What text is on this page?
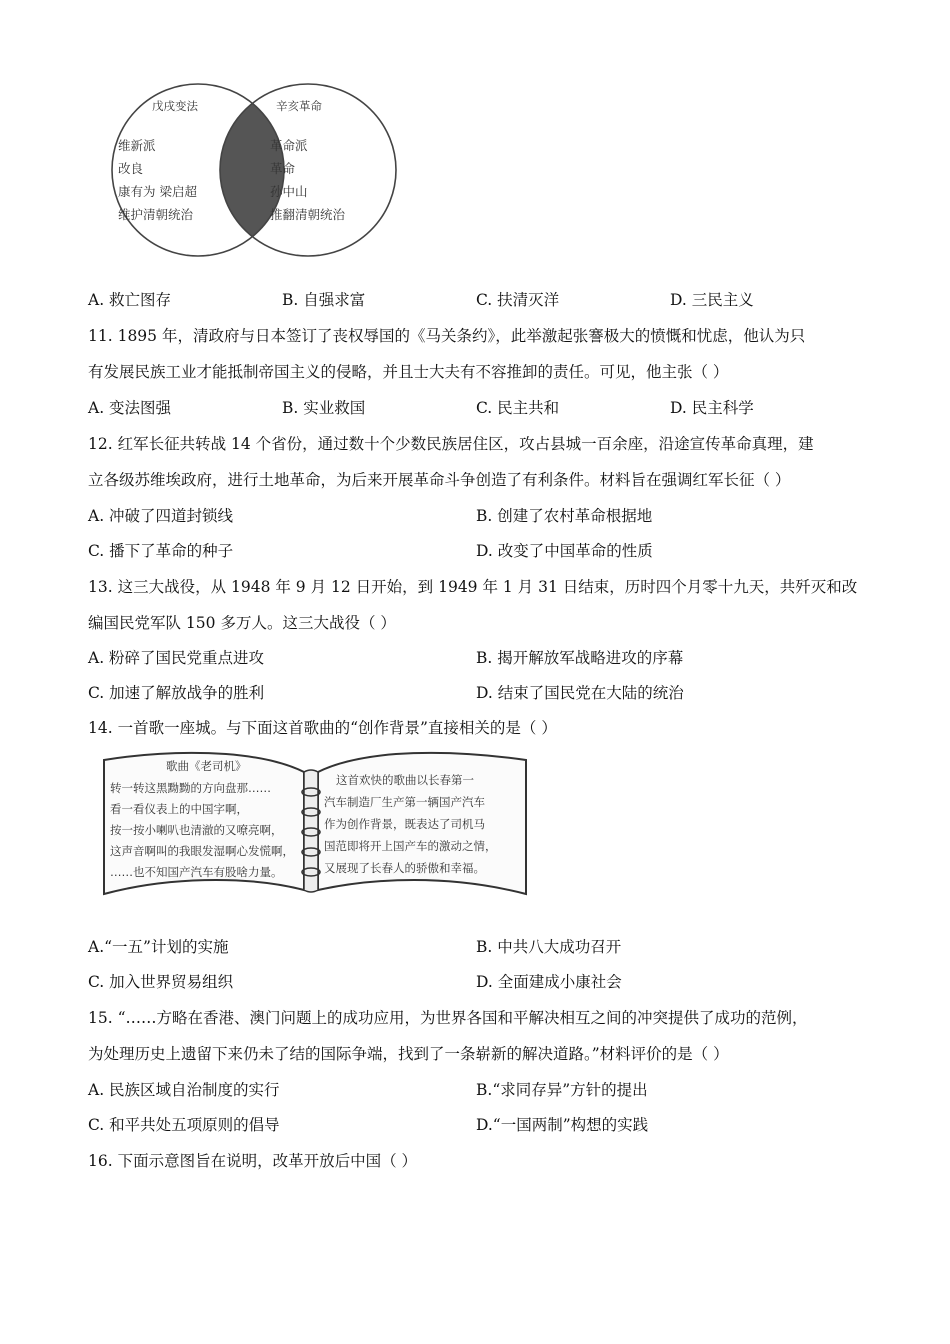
戊戌变法	辛亥革命
维新派
改良
康有为 梁启超
维护清朝统治
革命派
革命
孙中山
推翻清朝统治
A. 救亡图存	B. 自强求富	C. 扶清灭洋	D. 三民主义
11. 1895 年，清政府与日本签订了丧权辱国的《马关条约》，此举激起张謇极大的愤慨和忧虑，他认为只
有发展民族工业才能抵制帝国主义的侵略，并且士大夫有不容推卸的责任。可见，他主张（ ）
A. 变法图强	B. 实业救国	C. 民主共和	D. 民主科学
12. 红军长征共转战 14 个省份，通过数十个少数民族居住区，攻占县城一百余座，沿途宣传革命真理，建
立各级苏维埃政府，进行土地革命，为后来开展革命斗争创造了有利条件。材料旨在强调红军长征（ ）
A. 冲破了四道封锁线	B. 创建了农村革命根据地
C. 播下了革命的种子	D. 改变了中国革命的性质
13. 这三大战役，从 1948 年 9 月 12 日开始，到 1949 年 1 月 31 日结束，历时四个月零十九天，共歼灭和改
编国民党军队 150 多万人。这三大战役（ ）
A. 粉碎了国民党重点进攻	B. 揭开解放军战略进攻的序幕
C. 加速了解放战争的胜利	D. 结束了国民党在大陆的统治
14. 一首歌一座城。与下面这首歌曲的“创作背景”直接相关的是（ ）
歌曲《老司机》
转一转这黑黝黝的方向盘那……
看一看仪表上的中国字啊，
按一按小喇叭也清澈的又嘹亮啊，
这声音啊叫的我眼发湿啊心发慌啊，
……也不知国产汽车有股啥力量。
这首欢快的歌曲以长春第一
汽车制造厂生产第一辆国产汽车
作为创作背景，既表达了司机马
国范即将开上国产车的激动之情，
又展现了长春人的骄傲和幸福。
A.“一五”计划的实施	B. 中共八大成功召开
C. 加入世界贸易组织	D. 全面建成小康社会
15. “……方略在香港、澳门问题上的成功应用，为世界各国和平解决相互之间的冲突提供了成功的范例，
为处理历史上遗留下来仍未了结的国际争端，找到了一条崭新的解决道路。”材料评价的是（ ）
A. 民族区域自治制度的实行	B.“求同存异”方针的提出
C. 和平共处五项原则的倡导	D.“一国两制”构想的实践
16. 下面示意图旨在说明，改革开放后中国（ ）
